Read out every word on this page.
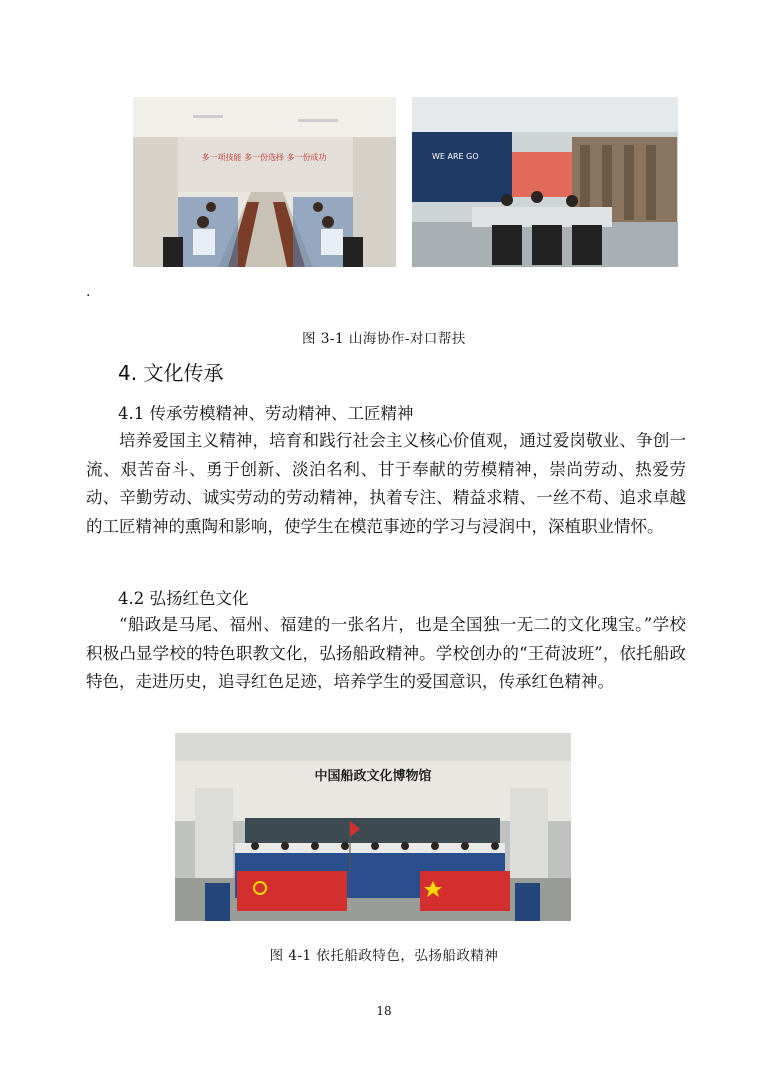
多一项技能 多一份选择 多一份成功	WE ARE GO
.
图 3-1 山海协作-对口帮扶
4. 文化传承
4.1 传承劳模精神、劳动精神、工匠精神

培养爱国主义精神，培育和践行社会主义核心价值观，通过爱岗敬业、争创一流、艰苦奋斗、勇于创新、淡泊名利、甘于奉献的劳模精神，崇尚劳动、热爱劳动、辛勤劳动、诚实劳动的劳动精神，执着专注、精益求精、一丝不苟、追求卓越的工匠精神的熏陶和影响，使学生在模范事迹的学习与浸润中，深植职业情怀。

4.2 弘扬红色文化

“船政是马尾、福州、福建的一张名片，也是全国独一无二的文化瑰宝。”学校积极凸显学校的特色职教文化，弘扬船政精神。学校创办的“王荷波班”，依托船政特色，走进历史，追寻红色足迹，培养学生的爱国意识，传承红色精神。

中国船政文化博物馆
图 4-1 依托船政特色，弘扬船政精神
18
